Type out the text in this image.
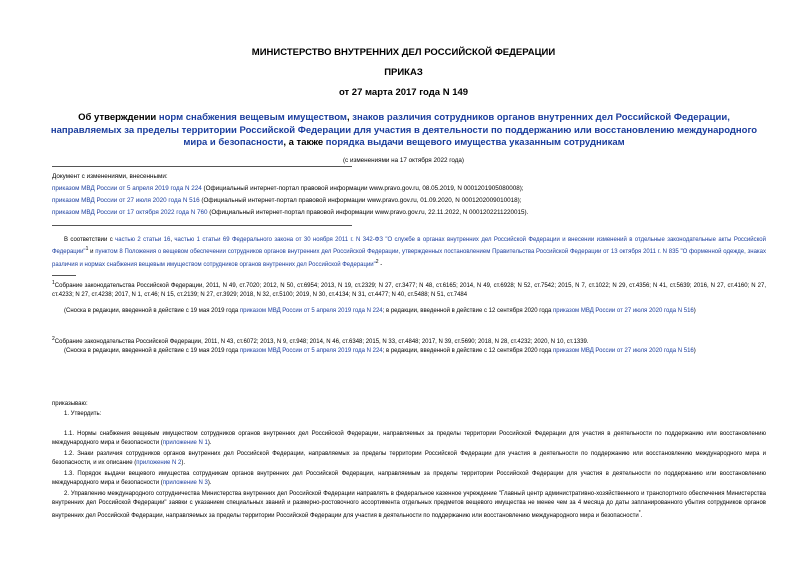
МИНИСТЕРСТВО ВНУТРЕННИХ ДЕЛ РОССИЙСКОЙ ФЕДЕРАЦИИ
ПРИКАЗ
от 27 марта 2017 года N 149
Об утверждении норм снабжения вещевым имуществом, знаков различия сотрудников органов внутренних дел Российской Федерации, направляемых за пределы территории Российской Федерации для участия в деятельности по поддержанию или восстановлению международного мира и безопасности, а также порядка выдачи вещевого имущества указанным сотрудникам
(с изменениями на 17 октября 2022 года)

Документ с изменениями, внесенными:

приказом МВД России от 5 апреля 2019 года N 224 (Официальный интернет-портал правовой информации www.pravo.gov.ru, 08.05.2019, N 0001201905080008);

приказом МВД России от 27 июля 2020 года N 516 (Официальный интернет-портал правовой информации www.pravo.gov.ru, 01.09.2020, N 0001202009010018);

приказом МВД России от 17 октября 2022 года N 760 (Официальный интернет-портал правовой информации www.pravo.gov.ru, 22.11.2022, N 0001202211220015).

В соответствии с частью 2 статьи 16, частью 1 статьи 69 Федерального закона от 30 ноября 2011 г. N 342-ФЗ "О службе в органах внутренних дел Российской Федерации и внесении изменений в отдельные законодательные акты Российской Федерации"$^1$ и пунктом 8 Положения о вещевом обеспечении сотрудников органов внутренних дел Российской Федерации, утвержденных постановлением Правительства Российской Федерации от 13 октября 2011 г. N 835 "О форменной одежде, знаках различия и нормах снабжения вещевым имуществом сотрудников органов внутренних дел Российской Федерации"$^2$ -
$^1$Собрание законодательства Российской Федерации, 2011, N 49, ст.7020; 2012, N 50, ст.6954; 2013, N 19, ст.2329; N 27, ст.3477; N 48, ст.6165; 2014, N 49, ст.6928; N 52, ст.7542; 2015, N 7, ст.1022; N 29, ст.4356; N 41, ст.5639; 2016, N 27, ст.4160; N 27, ст.4233; N 27, ст.4238; 2017, N 1, ст.46; N 15, ст.2139; N 27, ст.3929; 2018, N 32, ст.5100; 2019, N 30, ст.4134; N 31, ст.4477; N 40, ст.5488; N 51, ст.7484
(Сноска в редакции, введенной в действие с 19 мая 2019 года приказом МВД России от 5 апреля 2019 года N 224; в редакции, введенной в действие с 12 сентября 2020 года приказом МВД России от 27 июля 2020 года N 516)
$^2$Собрание законодательства Российской Федерации, 2011, N 43, ст.6072; 2013, N 9, ст.948; 2014, N 46, ст.6348; 2015, N 33, ст.4848; 2017, N 39, ст.5690; 2018, N 28, ст.4232; 2020, N 10, ст.1339.
(Сноска в редакции, введенной в действие с 19 мая 2019 года приказом МВД России от 5 апреля 2019 года N 224; в редакции, введенной в действие с 12 сентября 2020 года приказом МВД России от 27 июля 2020 года N 516)
приказываю:
1. Утвердить:
1.1. Нормы снабжения вещевым имуществом сотрудников органов внутренних дел Российской Федерации, направляемых за пределы территории Российской Федерации для участия в деятельности по поддержанию или восстановлению международного мира и безопасности (приложение N 1).
1.2. Знаки различия сотрудников органов внутренних дел Российской Федерации, направляемых за пределы территории Российской Федерации для участия в деятельности по поддержанию или восстановлению международного мира и безопасности, и их описание (приложение N 2).
1.3. Порядок выдачи вещевого имущества сотрудникам органов внутренних дел Российской Федерации, направляемым за пределы территории Российской Федерации для участия в деятельности по поддержанию или восстановлению международного мира и безопасности (приложение N 3).
2. Управлению международного сотрудничества Министерства внутренних дел Российской Федерации направлять в федеральное казенное учреждение "Главный центр административно-хозяйственного и транспортного обеспечения Министерства внутренних дел Российской Федерации" заявки с указанием специальных званий и размерно-ростовочного ассортимента отдельных предметов вещевого имущества не менее чем за 4 месяца до даты запланированного убытия сотрудников органов внутренних дел Российской Федерации, направляемых за пределы территории Российской Федерации для участия в деятельности по поддержанию или восстановлению международного мира и безопасности*.
